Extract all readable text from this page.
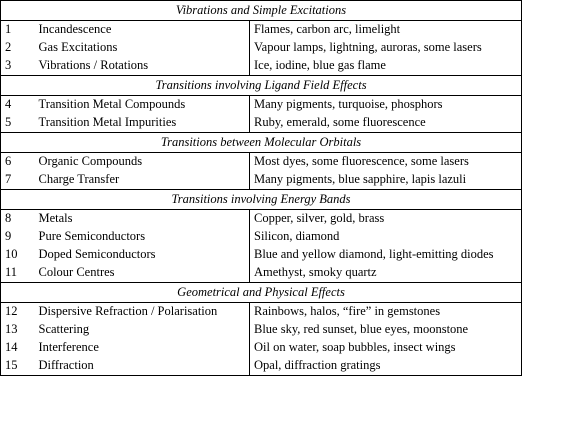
Vibrations and Simple Excitations		
1	Incandescence	Flames, carbon arc, limelight
2	Gas Excitations	Vapour lamps, lightning, auroras, some lasers
3	Vibrations / Rotations	Ice, iodine, blue gas flame
Transitions involving Ligand Field Effects		
4	Transition Metal Compounds	Many pigments, turquoise, phosphors
5	Transition Metal Impurities	Ruby, emerald, some fluorescence
Transitions between Molecular Orbitals		
6	Organic Compounds	Most dyes, some fluorescence, some lasers
7	Charge Transfer	Many pigments, blue sapphire, lapis lazuli
Transitions involving Energy Bands		
8	Metals	Copper, silver, gold, brass
9	Pure Semiconductors	Silicon, diamond
10	Doped Semiconductors	Blue and yellow diamond, light-emitting diodes
11	Colour Centres	Amethyst, smoky quartz
Geometrical and Physical Effects		
12	Dispersive Refraction / Polarisation	Rainbows, halos, “fire” in gemstones
13	Scattering	Blue sky, red sunset, blue eyes, moonstone
14	Interference	Oil on water, soap bubbles, insect wings
15	Diffraction	Opal, diffraction gratings
